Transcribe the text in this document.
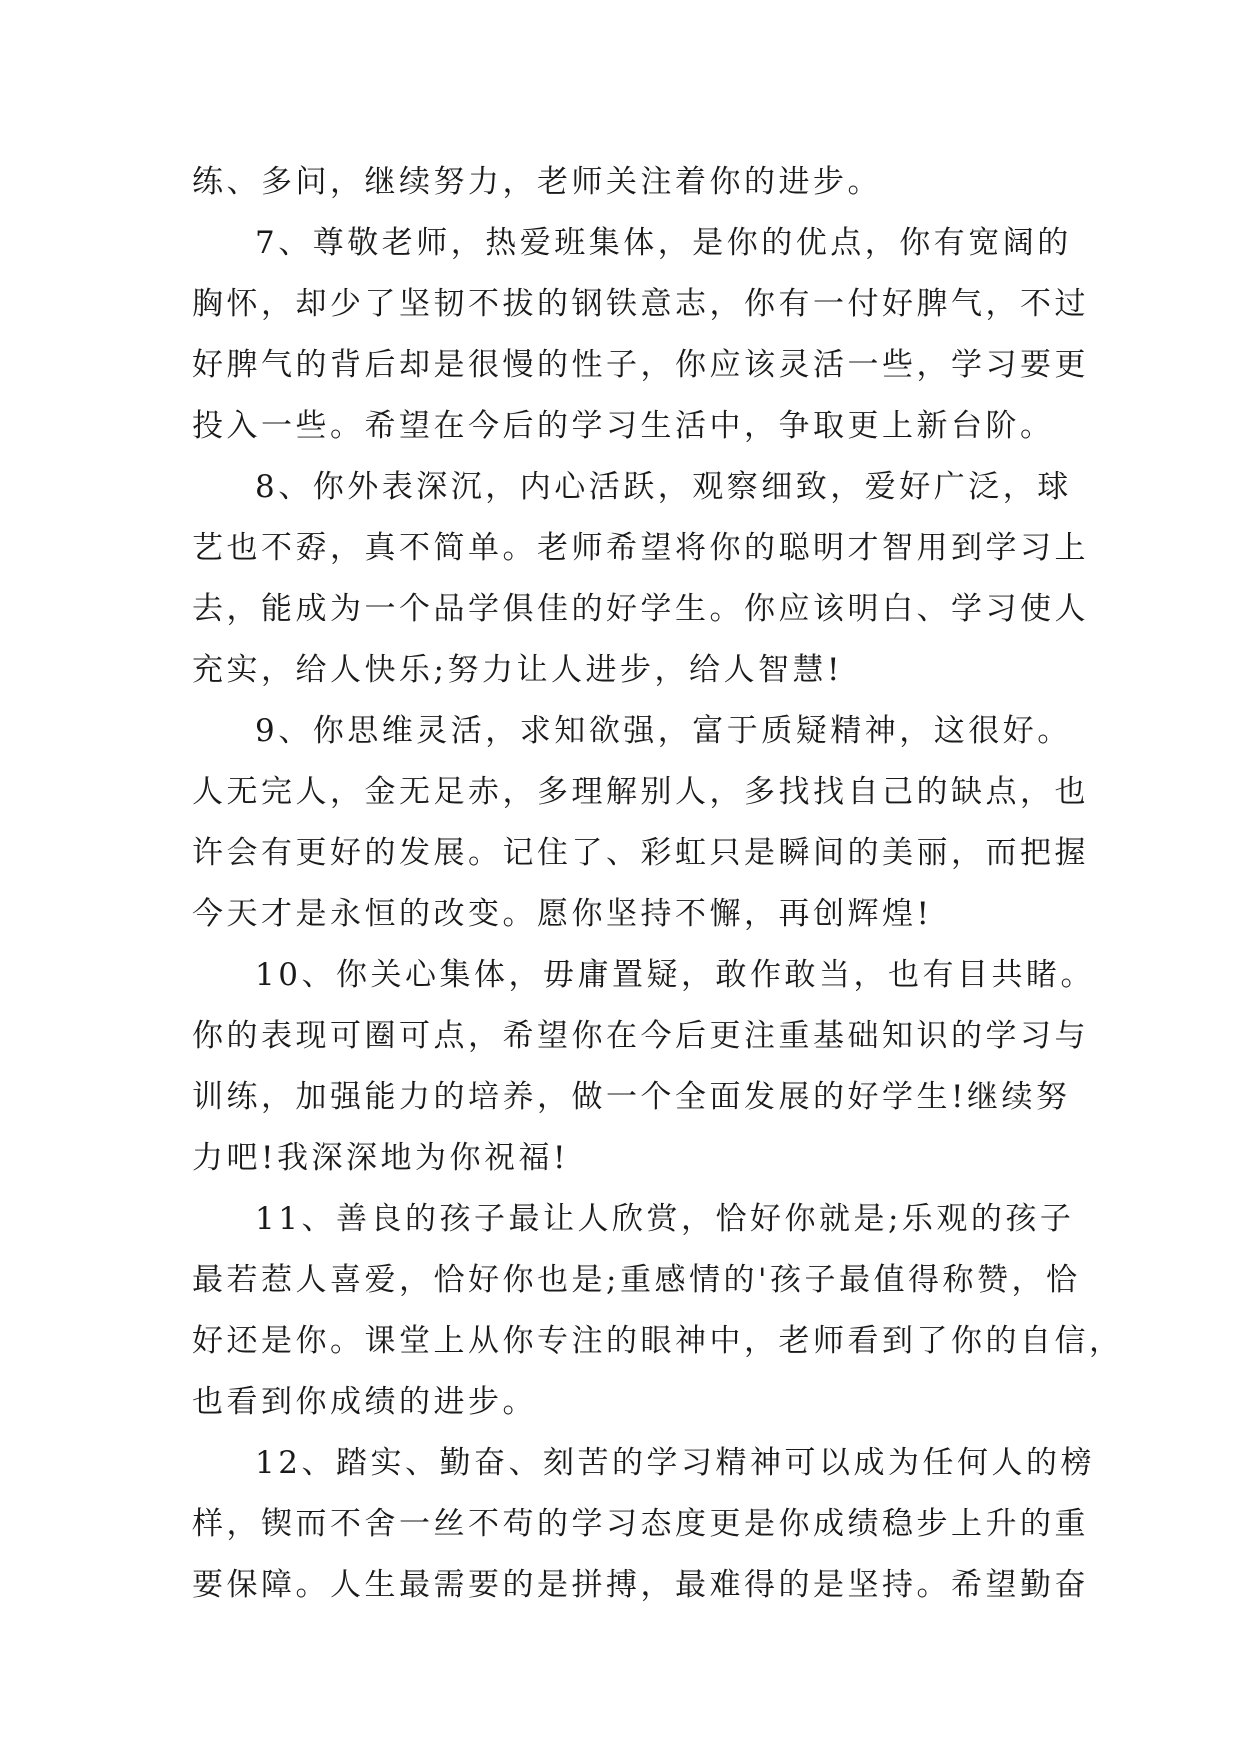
练、多问，继续努力，老师关注着你的进步。
7、尊敬老师，热爱班集体，是你的优点，你有宽阔的
胸怀，却少了坚韧不拔的钢铁意志，你有一付好脾气，不过
好脾气的背后却是很慢的性子，你应该灵活一些，学习要更
投入一些。希望在今后的学习生活中，争取更上新台阶。
8、你外表深沉，内心活跃，观察细致，爱好广泛，球
艺也不孬，真不简单。老师希望将你的聪明才智用到学习上
去，能成为一个品学俱佳的好学生。你应该明白、学习使人
充实，给人快乐;努力让人进步，给人智慧!
9、你思维灵活，求知欲强，富于质疑精神，这很好。
人无完人，金无足赤，多理解别人，多找找自己的缺点，也
许会有更好的发展。记住了、彩虹只是瞬间的美丽，而把握
今天才是永恒的改变。愿你坚持不懈，再创辉煌!
10、你关心集体，毋庸置疑，敢作敢当，也有目共睹。
你的表现可圈可点，希望你在今后更注重基础知识的学习与
训练，加强能力的培养，做一个全面发展的好学生!继续努
力吧!我深深地为你祝福!
11、善良的孩子最让人欣赏，恰好你就是;乐观的孩子
最若惹人喜爱，恰好你也是;重感情的'孩子最值得称赞，恰
好还是你。课堂上从你专注的眼神中，老师看到了你的自信，
也看到你成绩的进步。
12、踏实、勤奋、刻苦的学习精神可以成为任何人的榜
样，锲而不舍一丝不苟的学习态度更是你成绩稳步上升的重
要保障。人生最需要的是拼搏，最难得的是坚持。希望勤奋
